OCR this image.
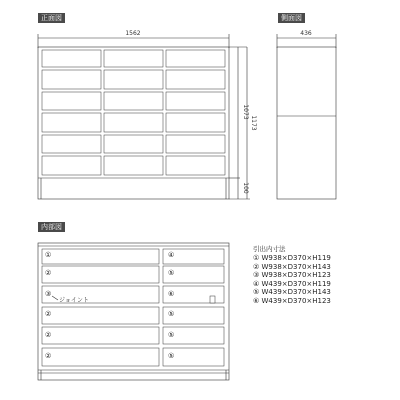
正面図	側面図
内部図
1562	436
1073
1173
100
①
②
③
②
②
②
④
⑤
⑥
⑤
⑤
⑤
ジョイント
引出内寸法
① W938×D370×H119
② W938×D370×H143
③ W938×D370×H123
④ W439×D370×H119
⑤ W439×D370×H143
⑥ W439×D370×H123
